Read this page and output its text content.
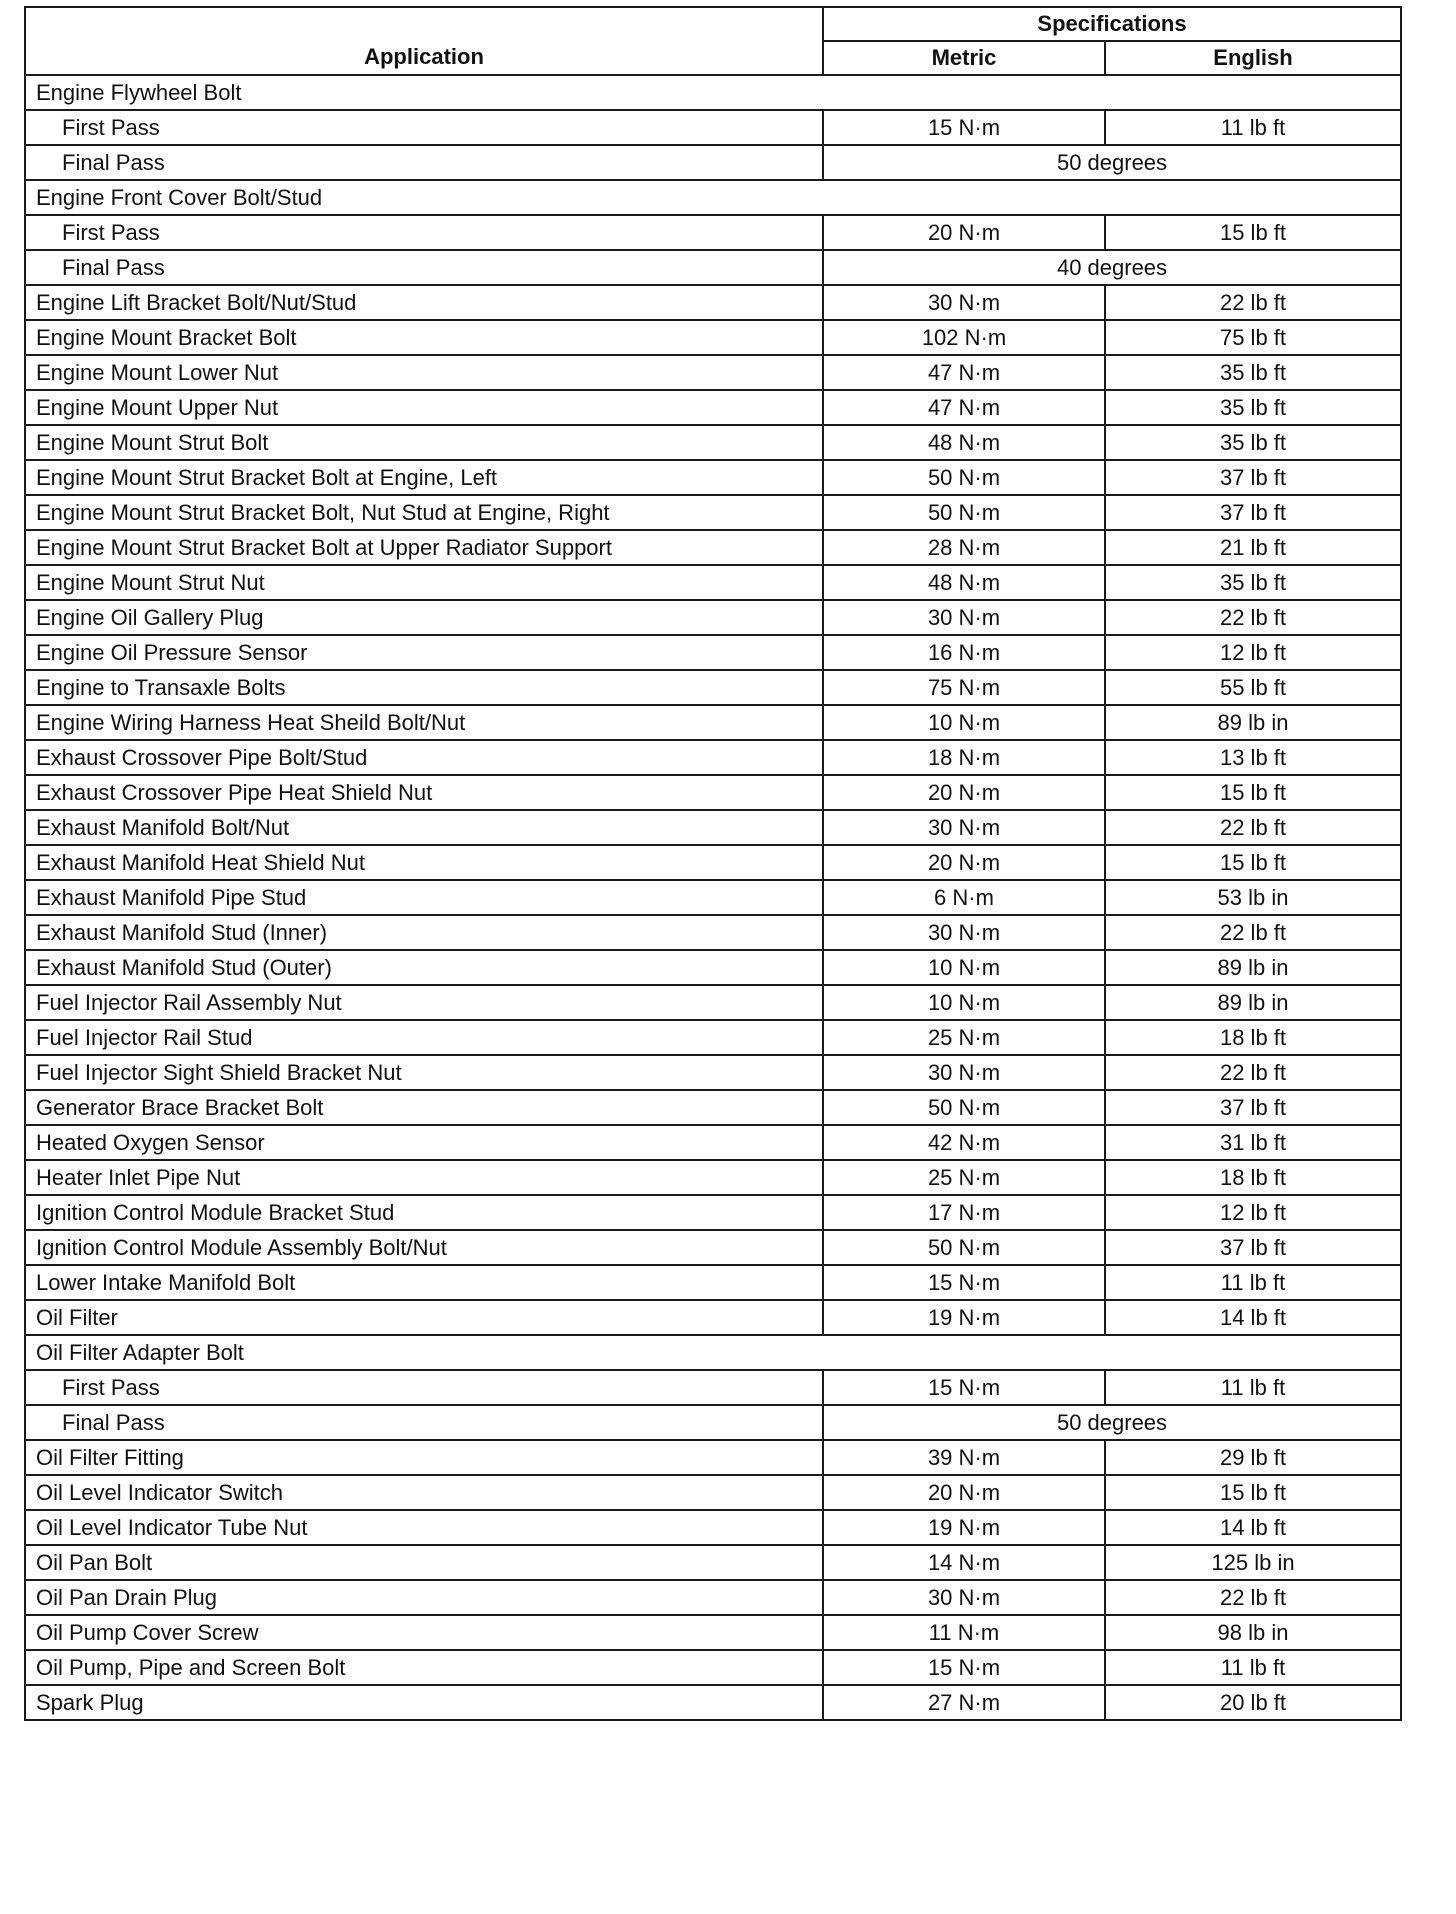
Application	Specifications	
	Metric	English
Engine Flywheel Bolt		
First Pass	15 N·m	11 lb ft
Final Pass	50 degrees	
Engine Front Cover Bolt/Stud		
First Pass	20 N·m	15 lb ft
Final Pass	40 degrees	
Engine Lift Bracket Bolt/Nut/Stud	30 N·m	22 lb ft
Engine Mount Bracket Bolt	102 N·m	75 lb ft
Engine Mount Lower Nut	47 N·m	35 lb ft
Engine Mount Upper Nut	47 N·m	35 lb ft
Engine Mount Strut Bolt	48 N·m	35 lb ft
Engine Mount Strut Bracket Bolt at Engine, Left	50 N·m	37 lb ft
Engine Mount Strut Bracket Bolt, Nut Stud at Engine, Right	50 N·m	37 lb ft
Engine Mount Strut Bracket Bolt at Upper Radiator Support	28 N·m	21 lb ft
Engine Mount Strut Nut	48 N·m	35 lb ft
Engine Oil Gallery Plug	30 N·m	22 lb ft
Engine Oil Pressure Sensor	16 N·m	12 lb ft
Engine to Transaxle Bolts	75 N·m	55 lb ft
Engine Wiring Harness Heat Sheild Bolt/Nut	10 N·m	89 lb in
Exhaust Crossover Pipe Bolt/Stud	18 N·m	13 lb ft
Exhaust Crossover Pipe Heat Shield Nut	20 N·m	15 lb ft
Exhaust Manifold Bolt/Nut	30 N·m	22 lb ft
Exhaust Manifold Heat Shield Nut	20 N·m	15 lb ft
Exhaust Manifold Pipe Stud	6 N·m	53 lb in
Exhaust Manifold Stud (Inner)	30 N·m	22 lb ft
Exhaust Manifold Stud (Outer)	10 N·m	89 lb in
Fuel Injector Rail Assembly Nut	10 N·m	89 lb in
Fuel Injector Rail Stud	25 N·m	18 lb ft
Fuel Injector Sight Shield Bracket Nut	30 N·m	22 lb ft
Generator Brace Bracket Bolt	50 N·m	37 lb ft
Heated Oxygen Sensor	42 N·m	31 lb ft
Heater Inlet Pipe Nut	25 N·m	18 lb ft
Ignition Control Module Bracket Stud	17 N·m	12 lb ft
Ignition Control Module Assembly Bolt/Nut	50 N·m	37 lb ft
Lower Intake Manifold Bolt	15 N·m	11 lb ft
Oil Filter	19 N·m	14 lb ft
Oil Filter Adapter Bolt		
First Pass	15 N·m	11 lb ft
Final Pass	50 degrees	
Oil Filter Fitting	39 N·m	29 lb ft
Oil Level Indicator Switch	20 N·m	15 lb ft
Oil Level Indicator Tube Nut	19 N·m	14 lb ft
Oil Pan Bolt	14 N·m	125 lb in
Oil Pan Drain Plug	30 N·m	22 lb ft
Oil Pump Cover Screw	11 N·m	98 lb in
Oil Pump, Pipe and Screen Bolt	15 N·m	11 lb ft
Spark Plug	27 N·m	20 lb ft
